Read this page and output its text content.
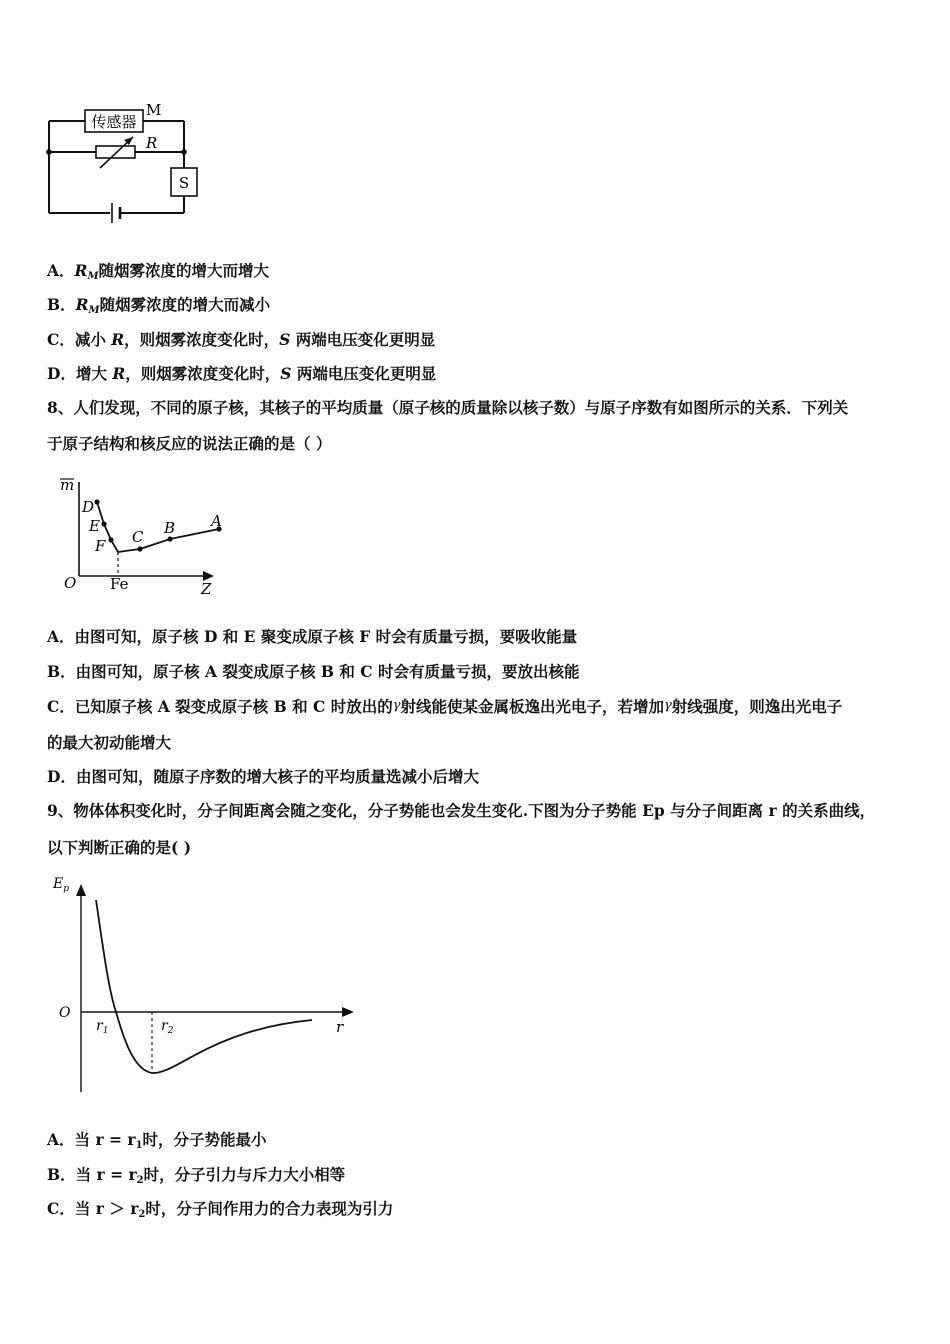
传感器
M
R
S
A．$R_M$随烟雾浓度的增大而增大
B．$R_M$随烟雾浓度的增大而减小
C．减小 R，则烟雾浓度变化时，S 两端电压变化更明显
D．增大 R，则烟雾浓度变化时，S 两端电压变化更明显
8、人们发现，不同的原子核，其核子的平均质量（原子核的质量除以核子数）与原子序数有如图所示的关系．下列关
于原子结构和核反应的说法正确的是（ ）
m
O	Z
Fe
D
E
F C B A
A．由图可知，原子核 D 和 E 聚变成原子核 F 时会有质量亏损，要吸收能量
B．由图可知，原子核 A 裂变成原子核 B 和 C 时会有质量亏损，要放出核能
C．已知原子核 A 裂变成原子核 B 和 C 时放出的γ射线能使某金属板逸出光电子，若增加γ射线强度，则逸出光电子
的最大初动能增大
D．由图可知，随原子序数的增大核子的平均质量选减小后增大
9、物体体积变化时，分子间距离会随之变化，分子势能也会发生变化.下图为分子势能 Ep 与分子间距离 r 的关系曲线，
以下判断正确的是( )
$E_p$
O
r
$r_1$	$r_2$
A．当 $r = r_1$时，分子势能最小
B．当 $r = r_2$时，分子引力与斥力大小相等
C．当 $r > r_2$时，分子间作用力的合力表现为引力
